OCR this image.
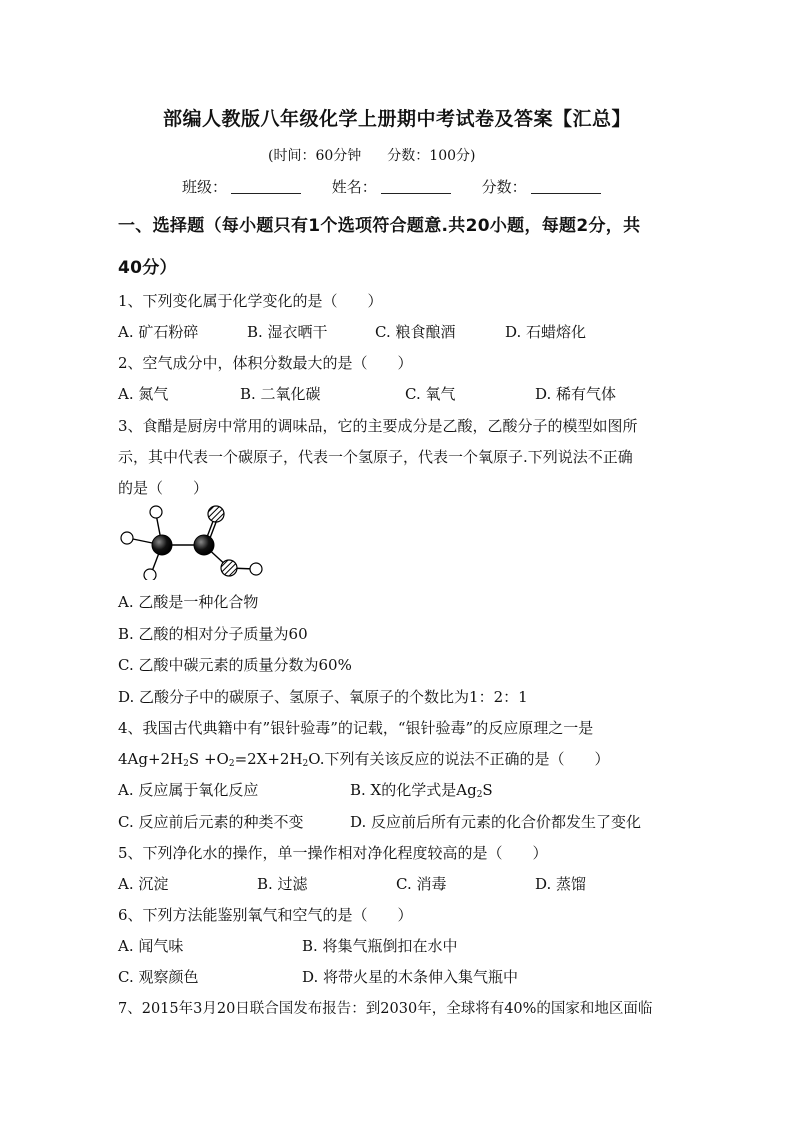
部编人教版八年级化学上册期中考试卷及答案【汇总】
(时间：60分钟 分数：100分)
班级：	姓名：	分数：
一、选择题（每小题只有1个选项符合题意.共20小题，每题2分，共
40分）
1、下列变化属于化学变化的是（　　）
A. 矿石粉碎	B. 湿衣晒干	C. 粮食酿酒	D. 石蜡熔化
2、空气成分中，体积分数最大的是（　　）
A. 氮气	B. 二氧化碳	C. 氧气	D. 稀有气体
3、食醋是厨房中常用的调味品，它的主要成分是乙酸，乙酸分子的模型如图所
示，其中代表一个碳原子，代表一个氢原子，代表一个氧原子.下列说法不正确
的是（　　）
A. 乙酸是一种化合物
B. 乙酸的相对分子质量为60
C. 乙酸中碳元素的质量分数为60%
D. 乙酸分子中的碳原子、氢原子、氧原子的个数比为1：2：1
4、我国古代典籍中有”银针验毒”的记载，“银针验毒”的反应原理之一是
$4Ag+2H_2S +O_2=2X+2H_2O$.下列有关该反应的说法不正确的是（　　）
A. 反应属于氧化反应	B. X的化学式是$Ag_2S$
C. 反应前后元素的种类不变	D. 反应前后所有元素的化合价都发生了变化
5、下列净化水的操作，单一操作相对净化程度较高的是（　　）
A. 沉淀	B. 过滤	C. 消毒	D. 蒸馏
6、下列方法能鉴别氧气和空气的是（　　）
A. 闻气味	B. 将集气瓶倒扣在水中
C. 观察颜色	D. 将带火星的木条伸入集气瓶中
7、2015年3月20日联合国发布报告：到2030年，全球将有40%的国家和地区面临
